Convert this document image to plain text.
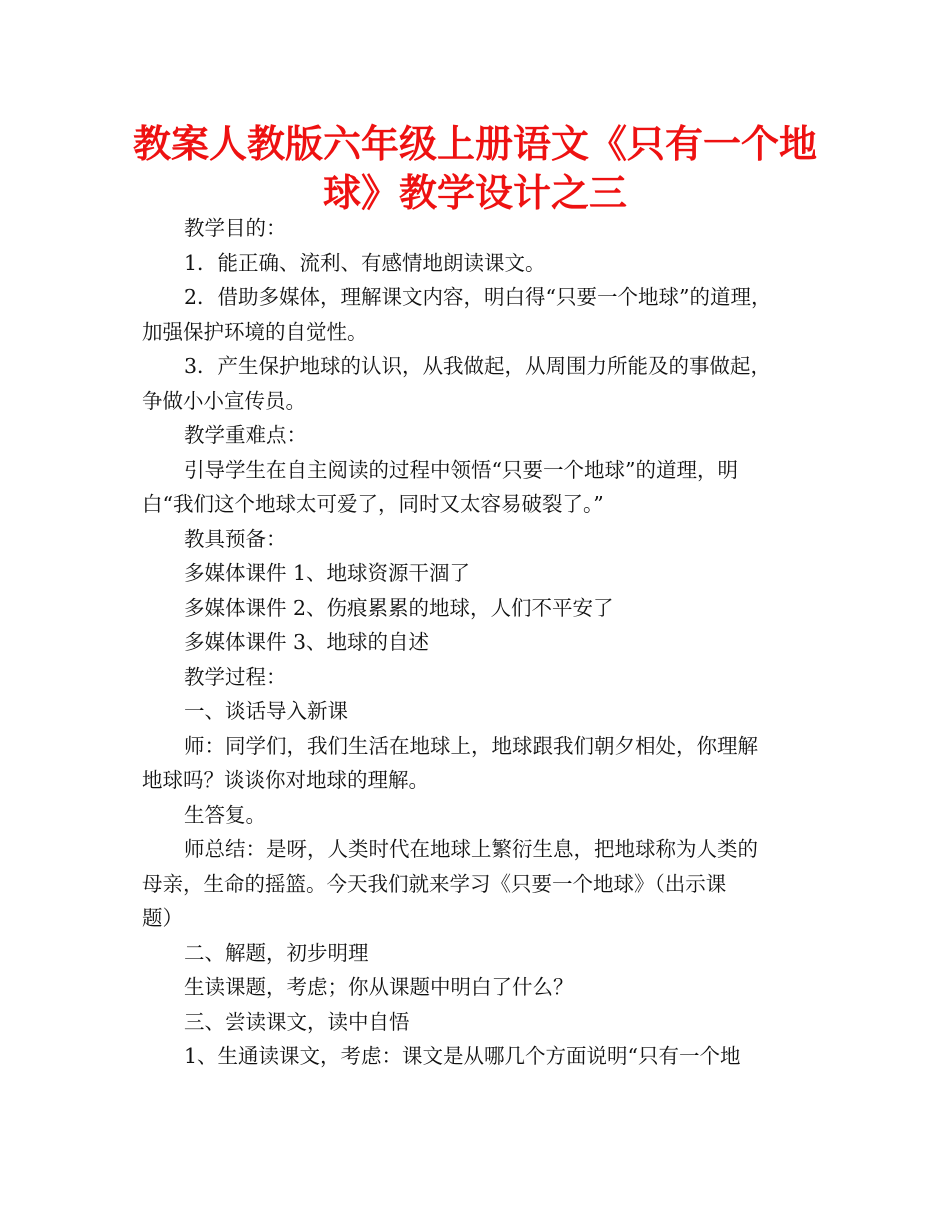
教案人教版六年级上册语文《只有一个地
球》教学设计之三

教学目的：

1．能正确、流利、有感情地朗读课文。

2．借助多媒体，理解课文内容，明白得“只要一个地球”的道理，
加强保护环境的自觉性。

3．产生保护地球的认识，从我做起，从周围力所能及的事做起，
争做小小宣传员。

教学重难点：

引导学生在自主阅读的过程中领悟“只要一个地球”的道理，明
白“我们这个地球太可爱了，同时又太容易破裂了。”

教具预备：

多媒体课件 1、地球资源干涸了

多媒体课件 2、伤痕累累的地球，人们不平安了

多媒体课件 3、地球的自述

教学过程：

一、谈话导入新课

师：同学们，我们生活在地球上，地球跟我们朝夕相处，你理解
地球吗？谈谈你对地球的理解。

生答复。

师总结：是呀，人类时代在地球上繁衍生息，把地球称为人类的
母亲，生命的摇篮。今天我们就来学习《只要一个地球》（出示课
题）

二、解题，初步明理

生读课题，考虑；你从课题中明白了什么？

三、尝读课文，读中自悟

1、生通读课文，考虑：课文是从哪几个方面说明“只有一个地
